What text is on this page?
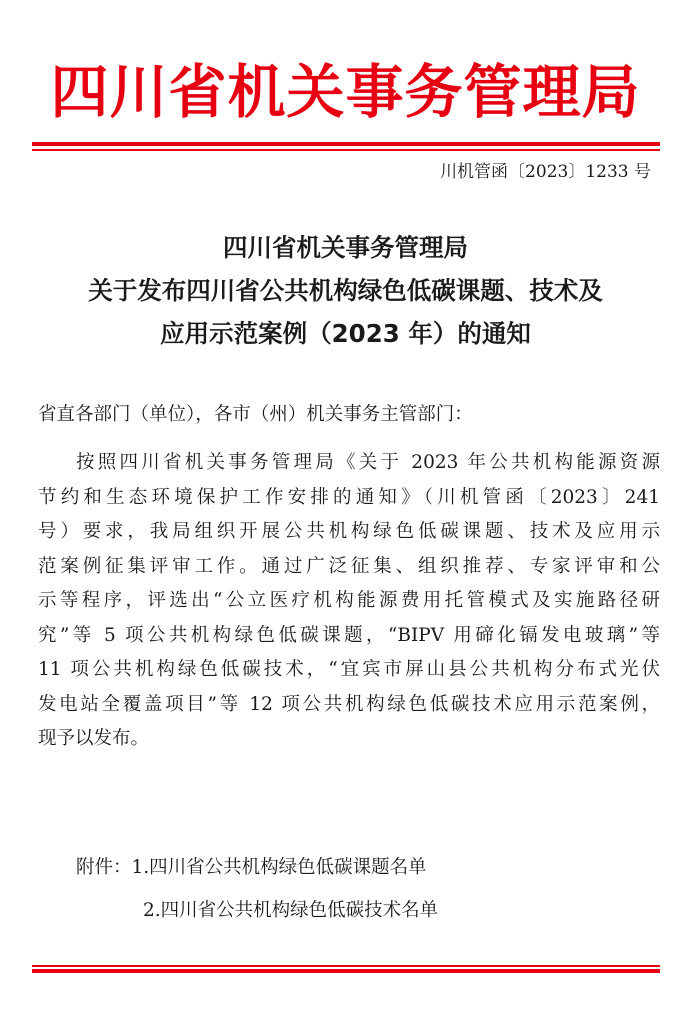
四川省机关事务管理局
川机管函〔2023〕1233 号
四川省机关事务管理局
关于发布四川省公共机构绿色低碳课题、技术及
应用示范案例（2023 年）的通知
省直各部门（单位），各市（州）机关事务主管部门：
按照四川省机关事务管理局《关于 2023 年公共机构能源资源
节约和生态环境保护工作安排的通知》（川机管函〔2023〕241
号）要求，我局组织开展公共机构绿色低碳课题、技术及应用示
范案例征集评审工作。通过广泛征集、组织推荐、专家评审和公
示等程序，评选出“公立医疗机构能源费用托管模式及实施路径研
究”等 5 项公共机构绿色低碳课题，“BIPV 用碲化镉发电玻璃”等
11 项公共机构绿色低碳技术，“宜宾市屏山县公共机构分布式光伏
发电站全覆盖项目”等 12 项公共机构绿色低碳技术应用示范案例，
现予以发布。
附件：1.四川省公共机构绿色低碳课题名单
2.四川省公共机构绿色低碳技术名单
